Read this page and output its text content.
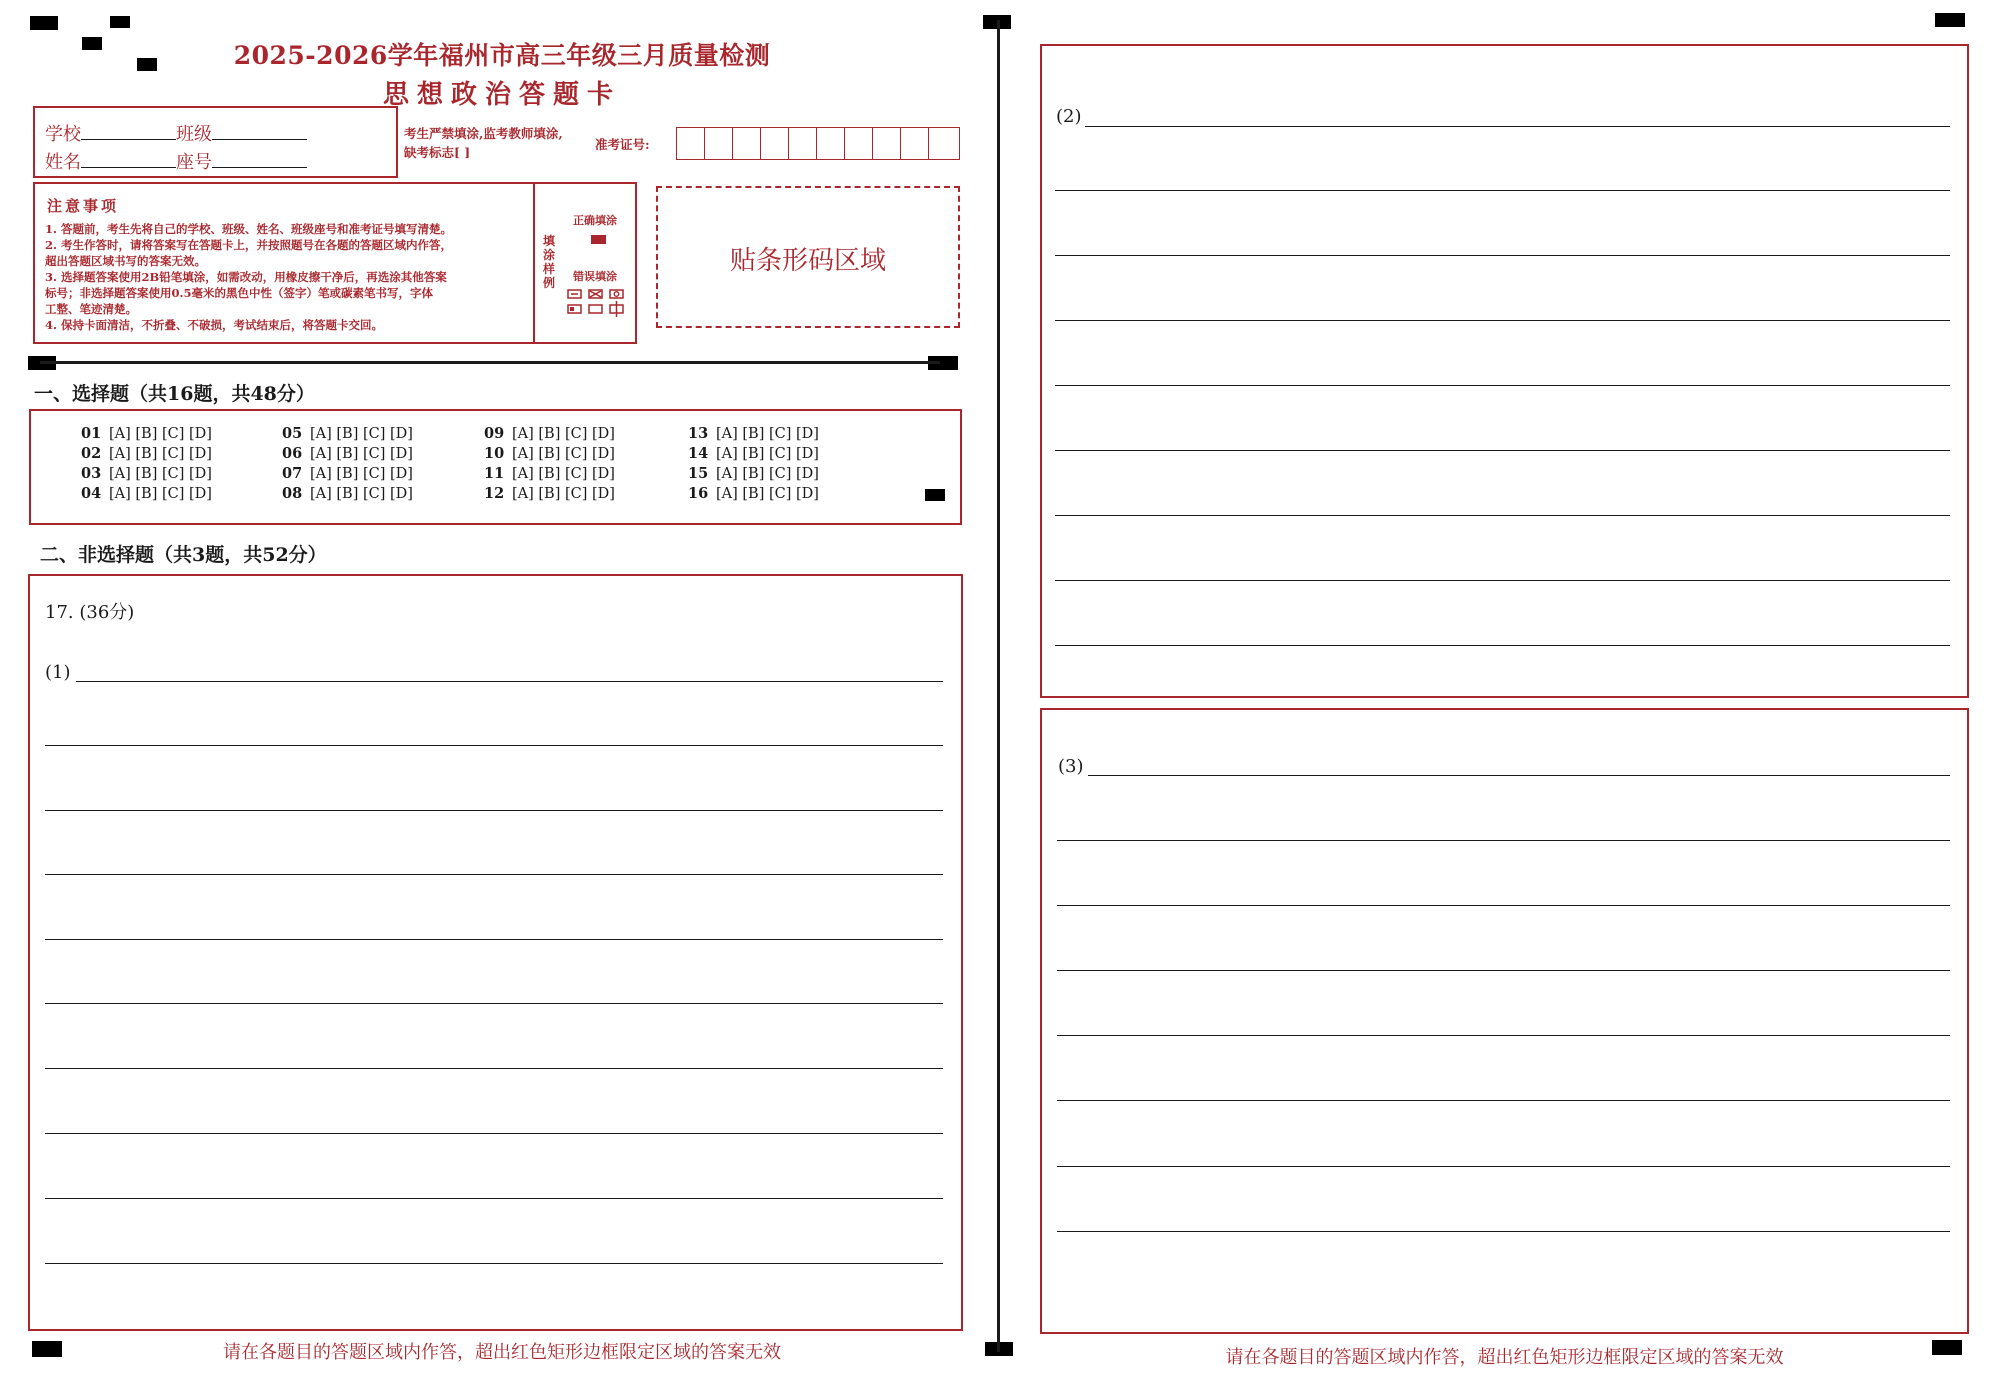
2025-2026学年福州市高三年级三月质量检测
思想政治答题卡
学校	班级
姓名	座号
考生严禁填涂,监考教师填涂,
缺考标志[ ]
准考证号:
注意事项
1. 答题前，考生先将自己的学校、班级、姓名、班级座号和准考证号填写清楚。
2. 考生作答时，请将答案写在答题卡上，并按照题号在各题的答题区域内作答，
超出答题区域书写的答案无效。
3. 选择题答案使用2B铅笔填涂，如需改动，用橡皮擦干净后，再选涂其他答案
标号；非选择题答案使用0.5毫米的黑色中性（签字）笔或碳素笔书写，字体
工整、笔迹清楚。
4. 保持卡面清洁，不折叠、不破损，考试结束后，将答题卡交回。
填涂样例
正确填涂
错误填涂
贴条形码区域
一、选择题（共16题，共48分）
01 [A] [B] [C] [D]
02 [A] [B] [C] [D]
03 [A] [B] [C] [D]
04 [A] [B] [C] [D]
05 [A] [B] [C] [D]
06 [A] [B] [C] [D]
07 [A] [B] [C] [D]
08 [A] [B] [C] [D]
09 [A] [B] [C] [D]
10 [A] [B] [C] [D]
11 [A] [B] [C] [D]
12 [A] [B] [C] [D]
13 [A] [B] [C] [D]
14 [A] [B] [C] [D]
15 [A] [B] [C] [D]
16 [A] [B] [C] [D]
二、非选择题（共3题，共52分）
17. (36分)
(1)
请在各题目的答题区域内作答，超出红色矩形边框限定区域的答案无效
(2)
(3)
请在各题目的答题区域内作答，超出红色矩形边框限定区域的答案无效
